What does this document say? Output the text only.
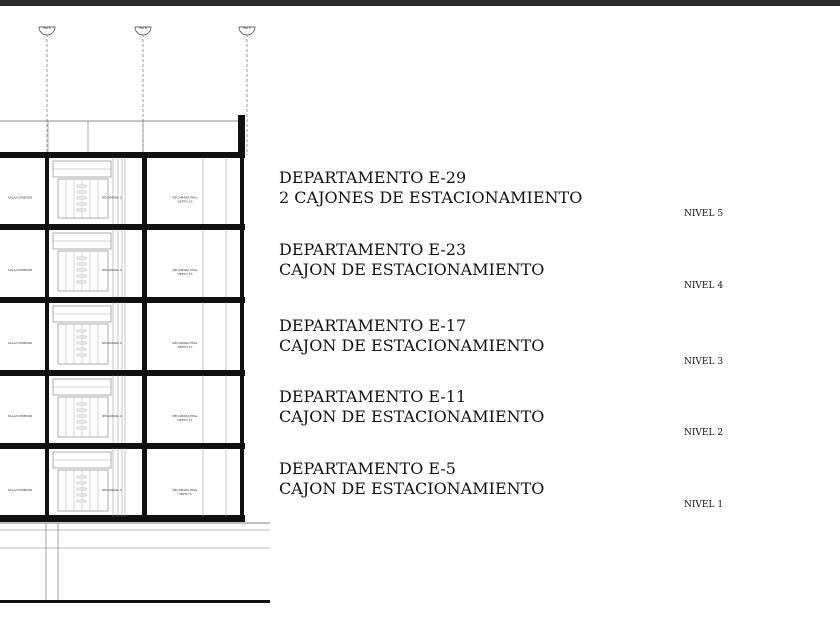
Eje A	Eje B	Eje C
SALA/COMEDOR	RECAMARA 2	RECAMARA PPAL
DEPTO 29
SALA/COMEDOR	RECAMARA 2	RECAMARA PPAL
DEPTO 23
SALA/COMEDOR	RECAMARA 2	RECAMARA PPAL
DEPTO 17
SALA/COMEDOR	RECAMARA 2	RECAMARA PPAL
DEPTO 11
SALA/COMEDOR	RECAMARA 2	RECAMARA PPAL
DEPTO 5
DEPARTAMENTO E-29
2 CAJONES DE ESTACIONAMIENTO
NIVEL 5
DEPARTAMENTO E-23
CAJON DE ESTACIONAMIENTO
NIVEL 4
DEPARTAMENTO E-17
CAJON DE ESTACIONAMIENTO
NIVEL 3
DEPARTAMENTO E-11
CAJON DE ESTACIONAMIENTO
NIVEL 2
DEPARTAMENTO E-5
CAJON DE ESTACIONAMIENTO
NIVEL 1
